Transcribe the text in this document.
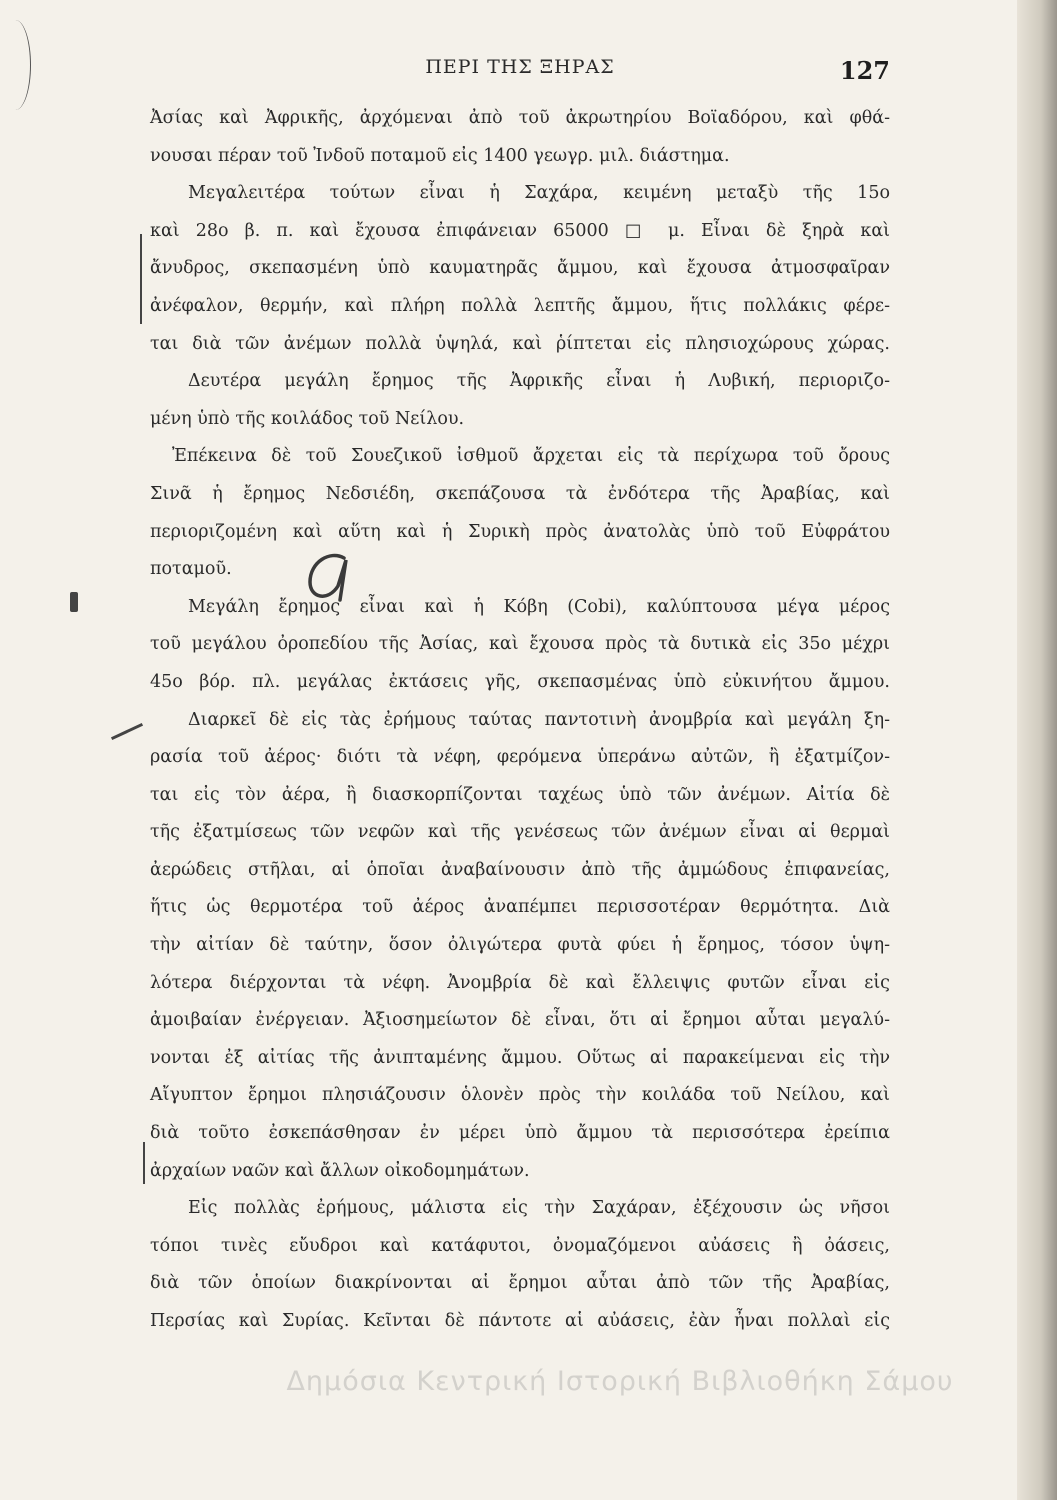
ΠΕΡΙ ΤΗΣ ΞΗΡΑΣ	127
Ἀσίας καὶ Ἀφρικῆς, ἀρχόμεναι ἀπὸ τοῦ ἀκρωτηρίου Βοϊαδόρου, καὶ φθά-
νουσαι πέραν τοῦ Ἰνδοῦ ποταμοῦ εἰς 1400 γεωγρ. μιλ. διάστημα.
Μεγαλειτέρα τούτων εἶναι ἡ Σαχάρα, κειμένη μεταξὺ τῆς 15ο
καὶ 28ο β. π. καὶ ἔχουσα ἐπιφάνειαν 65000 □ μ. Εἶναι δὲ ξηρὰ καὶ
ἄνυδρος, σκεπασμένη ὑπὸ καυματηρᾶς ἄμμου, καὶ ἔχουσα ἀτμοσφαῖραν
ἀνέφαλον, θερμήν, καὶ πλήρη πολλὰ λεπτῆς ἄμμου, ἥτις πολλάκις φέρε-
ται διὰ τῶν ἀνέμων πολλὰ ὑψηλά, καὶ ῥίπτεται εἰς πλησιοχώρους χώρας.
Δευτέρα μεγάλη ἔρημος τῆς Ἀφρικῆς εἶναι ἡ Λυβική, περιοριζο-
μένη ὑπὸ τῆς κοιλάδος τοῦ Νείλου.
Ἐπέκεινα δὲ τοῦ Σουεζικοῦ ἰσθμοῦ ἄρχεται εἰς τὰ περίχωρα τοῦ ὄρους
Σινᾶ ἡ ἔρημος Νεδσιέδη, σκεπάζουσα τὰ ἐνδότερα τῆς Ἀραβίας, καὶ
περιοριζομένη καὶ αὕτη καὶ ἡ Συρικὴ πρὸς ἀνατολὰς ὑπὸ τοῦ Εὐφράτου
ποταμοῦ.
Μεγάλη ἔρημος εἶναι καὶ ἡ Κόβη (Cobi), καλύπτουσα μέγα μέρος
τοῦ μεγάλου ὀροπεδίου τῆς Ἀσίας, καὶ ἔχουσα πρὸς τὰ δυτικὰ εἰς 35ο μέχρι
45ο βόρ. πλ. μεγάλας ἐκτάσεις γῆς, σκεπασμένας ὑπὸ εὐκινήτου ἄμμου.
Διαρκεῖ δὲ εἰς τὰς ἐρήμους ταύτας παντοτινὴ ἀνομβρία καὶ μεγάλη ξη-
ρασία τοῦ ἀέρος· διότι τὰ νέφη, φερόμενα ὑπεράνω αὐτῶν, ἢ ἐξατμίζον-
ται εἰς τὸν ἀέρα, ἢ διασκορπίζονται ταχέως ὑπὸ τῶν ἀνέμων. Αἰτία δὲ
τῆς ἐξατμίσεως τῶν νεφῶν καὶ τῆς γενέσεως τῶν ἀνέμων εἶναι αἱ θερμαὶ
ἀερώδεις στῆλαι, αἱ ὁποῖαι ἀναβαίνουσιν ἀπὸ τῆς ἀμμώδους ἐπιφανείας,
ἥτις ὡς θερμοτέρα τοῦ ἀέρος ἀναπέμπει περισσοτέραν θερμότητα. Διὰ
τὴν αἰτίαν δὲ ταύτην, ὅσον ὀλιγώτερα φυτὰ φύει ἡ ἔρημος, τόσον ὑψη-
λότερα διέρχονται τὰ νέφη. Ἀνομβρία δὲ καὶ ἔλλειψις φυτῶν εἶναι εἰς
ἀμοιβαίαν ἐνέργειαν. Ἀξιοσημείωτον δὲ εἶναι, ὅτι αἱ ἔρημοι αὗται μεγαλύ-
νονται ἐξ αἰτίας τῆς ἀνιπταμένης ἄμμου. Οὕτως αἱ παρακείμεναι εἰς τὴν
Αἴγυπτον ἔρημοι πλησιάζουσιν ὁλονὲν πρὸς τὴν κοιλάδα τοῦ Νείλου, καὶ
διὰ τοῦτο ἐσκεπάσθησαν ἐν μέρει ὑπὸ ἄμμου τὰ περισσότερα ἐρείπια
ἀρχαίων ναῶν καὶ ἄλλων οἰκοδομημάτων.
Εἰς πολλὰς ἐρήμους, μάλιστα εἰς τὴν Σαχάραν, ἐξέχουσιν ὡς νῆσοι
τόποι τινὲς εὔυδροι καὶ κατάφυτοι, ὀνομαζόμενοι αὐάσεις ἢ ὀάσεις,
διὰ τῶν ὁποίων διακρίνονται αἱ ἔρημοι αὗται ἀπὸ τῶν τῆς Ἀραβίας,
Περσίας καὶ Συρίας. Κεῖνται δὲ πάντοτε αἱ αὐάσεις, ἐὰν ἦναι πολλαὶ εἰς
Δημόσια Κεντρική Ιστορική Βιβλιοθήκη Σάμου
